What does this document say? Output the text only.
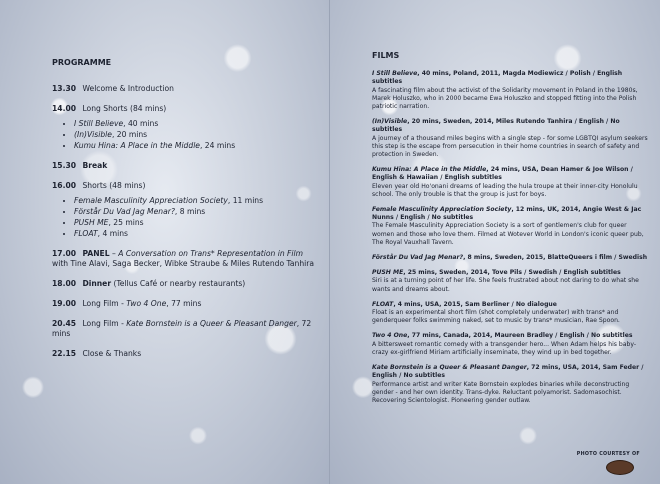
PROGRAMME
13.30 Welcome & Introduction
14.00 Long Shorts (84 mins)
• I Still Believe, 40 mins
• (In)Visible, 20 mins
• Kumu Hina: A Place in the Middle, 24 mins
15.30 Break
16.00 Shorts (48 mins)
• Female Masculinity Appreciation Society, 11 mins
• Förstår Du Vad Jag Menar?, 8 mins
• PUSH ME, 25 mins
• FLOAT, 4 mins
17.00 PANEL – A Conversation on Trans* Representation in Film with Tine Alavi, Saga Becker, Wibke Straube & Miles Rutendo Tanhira
18.00 Dinner (Tellus Café or nearby restaurants)
19.00 Long Film - Two 4 One, 77 mins
20.45 Long Film - Kate Bornstein is a Queer & Pleasant Danger, 72 mins
22.15 Close & Thanks
FILMS
I Still Believe, 40 mins, Poland, 2011, Magda Modiewicz / Polish / English subtitles
A fascinating film about the activist of the Solidarity movement in Poland in the 1980s, Marek Holuszko, who in 2000 became Ewa Holuszko and stopped fitting into the Polish patriotic narration.
(In)Visible, 20 mins, Sweden, 2014, Miles Rutendo Tanhira / English / No subtitles
A journey of a thousand miles begins with a single step - for some LGBTQI asylum seekers this step is the escape from persecution in their home countries in search of safety and protection in Sweden.
Kumu Hina: A Place in the Middle, 24 mins, USA, Dean Hamer & Joe Wilson / English & Hawaiian / English subtitles
Eleven year old Ho'onani dreams of leading the hula troupe at their inner-city Honolulu school. The only trouble is that the group is just for boys.
Female Masculinity Appreciation Society, 12 mins, UK, 2014, Angie West & Jac Nunns / English / No subtitles
The Female Masculinity Appreciation Society is a sort of gentlemen's club for queer women and those who love them. Filmed at Wotever World in London's iconic queer pub, The Royal Vauxhall Tavern.
Förstår Du Vad Jag Menar?, 8 mins, Sweden, 2015, BlatteQueers i film / Swedish
PUSH ME, 25 mins, Sweden, 2014, Tove Pils / Swedish / English subtitles
Siri is at a turning point of her life. She feels frustrated about not daring to do what she wants and dreams about.
FLOAT, 4 mins, USA, 2015, Sam Berliner / No dialogue
Float is an experimental short film (shot completely underwater) with trans* and genderqueer folks swimming naked, set to music by trans* musician, Rae Spoon.
Two 4 One, 77 mins, Canada, 2014, Maureen Bradley / English / No subtitles
A bittersweet romantic comedy with a transgender hero... When Adam helps his baby-crazy ex-girlfriend Miriam artificially inseminate, they wind up in bed together.
Kate Bornstein is a Queer & Pleasant Danger, 72 mins, USA, 2014, Sam Feder / English / No subtitles
Performance artist and writer Kate Bornstein explodes binaries while deconstructing gender - and her own identity. Trans-dyke. Reluctant polyamorist. Sadomasochist. Recovering Scientologist. Pioneering gender outlaw.
PHOTO COURTESY OF
